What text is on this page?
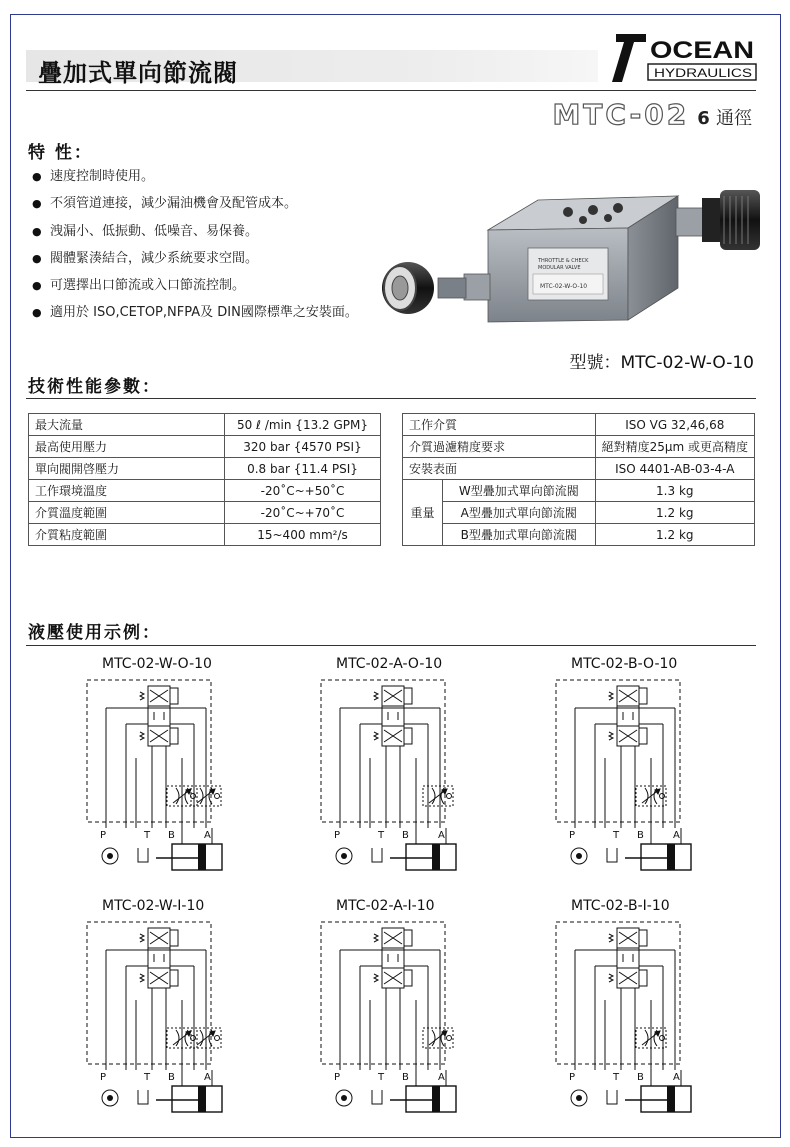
疊加式單向節流閥
OCEAN
HYDRAULICS
MTC-02 6 通徑
特 性：
● 速度控制時使用。
● 不須管道連接，減少漏油機會及配管成本。
● 洩漏小、低振動、低噪音、易保養。
● 閥體緊湊結合，減少系統要求空間。
● 可選擇出口節流或入口節流控制。
● 適用於 ISO,CETOP,NFPA及 DIN國際標準之安裝面。
THROTTLE & CHECK
MODULAR VALVE
MTC-02-W-O-10
型號：MTC-02-W-O-10
技術性能參數：
最大流量	50 ℓ /min {13.2 GPM}
最高使用壓力	320 bar {4570 PSI}
單向閥開啓壓力	0.8 bar {11.4 PSI}
工作環境溫度	-20˚C~+50˚C
介質溫度範圍	-20˚C~+70˚C
介質粘度範圍	15~400 mm²/s
工作介質		ISO VG 32,46,68
介質過濾精度要求		絕對精度25μm 或更高精度
安裝表面		ISO 4401-AB-03-4-A
重量	W型疊加式單向節流閥	1.3 kg
	A型疊加式單向節流閥	1.2 kg
	B型疊加式單向節流閥	1.2 kg
液壓使用示例：
MTC-02-W-O-10
P	T B	A
MTC-02-A-O-10
P	T B	A
MTC-02-B-O-10
P	T B	A
MTC-02-W-I-10
P	T B	A
MTC-02-A-I-10
P	T B	A
MTC-02-B-I-10
P	T B	A
